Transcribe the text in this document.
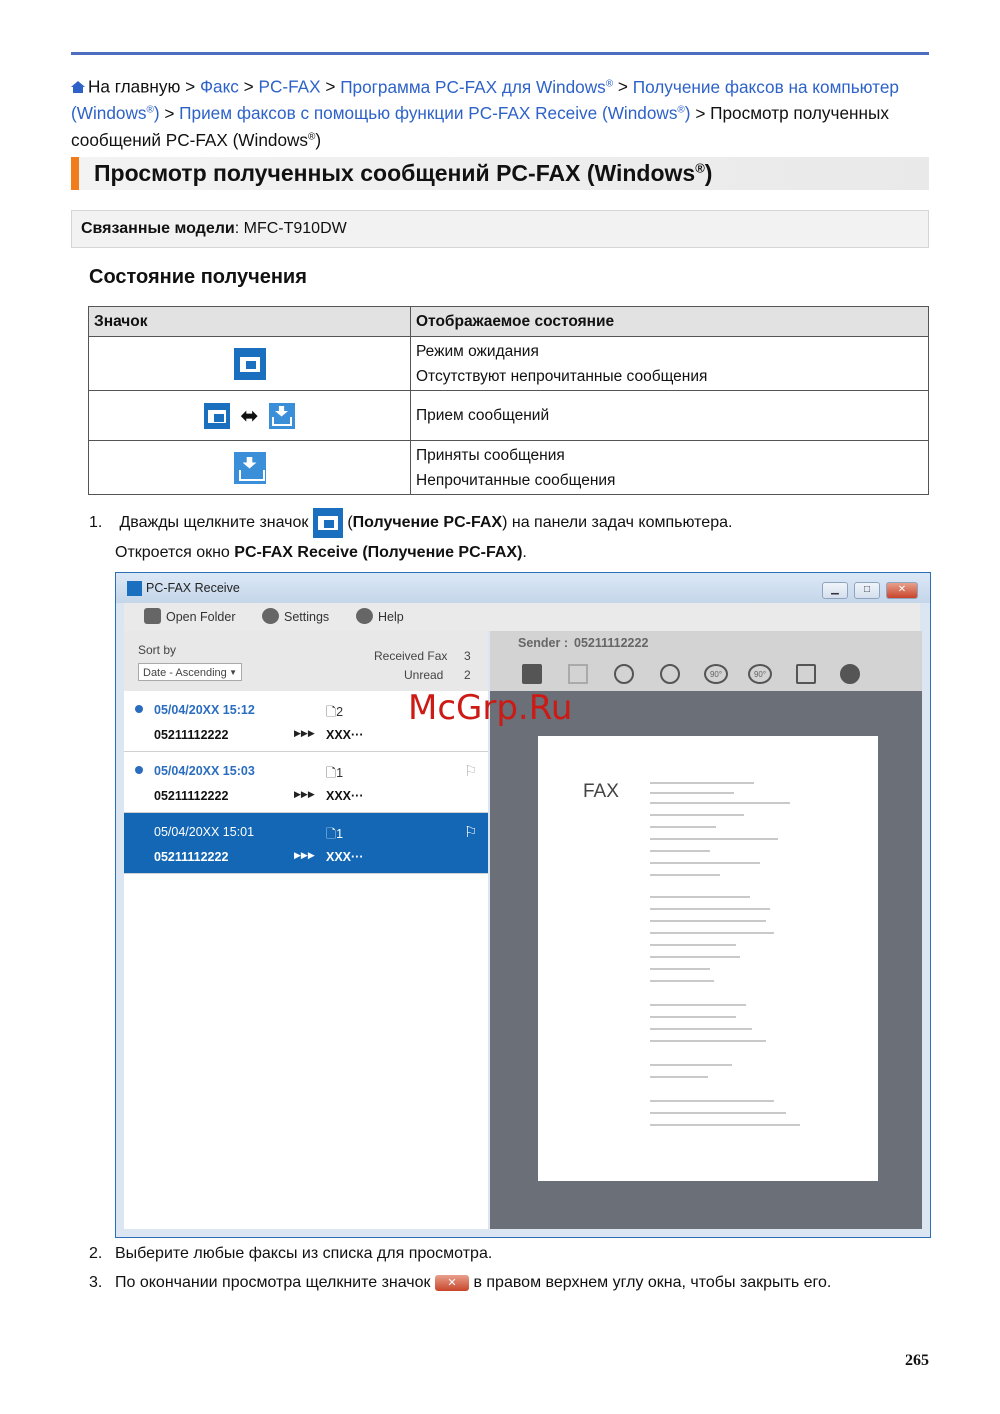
На главную > Факс > PC-FAX > Программа PC-FAX для Windows® > Получение факсов на компьютер (Windows®) > Прием факсов с помощью функции PC-FAX Receive (Windows®) > Просмотр полученных сообщений PC-FAX (Windows®)
Просмотр полученных сообщений PC-FAX (Windows®)
Связанные модели: MFC-T910DW
Состояние получения
Значок	Отображаемое состояние

	Режим ожидания
Отсутствуют непрочитанные сообщения

⬌	Прием сообщений

	Приняты сообщения
Непрочитанные сообщения
1. Дважды щелкните значок (Получение PC-FAX) на панели задач компьютера.
Откроется окно PC-FAX Receive (Получение PC-FAX).
PC-FAX Receive	▁	□	✕
Open Folder	Settings	Help
Sort by
Date - Ascending ▼
Received Fax 3
Unread 2
05/04/20XX 15:12	🗋2
05211112222	▶▶▶ XXX···
05/04/20XX 15:03	🗋1
05211112222	▶▶▶ XXX···
⚐
05/04/20XX 15:01	🗋1
05211112222	▶▶▶ XXX···
⚐
Sender : 05211112222
90°	90°
FAX
McGrp.Ru
2. Выберите любые факсы из списка для просмотра.
3. По окончании просмотра щелкните значок ✕ в правом верхнем углу окна, чтобы закрыть его.
265
